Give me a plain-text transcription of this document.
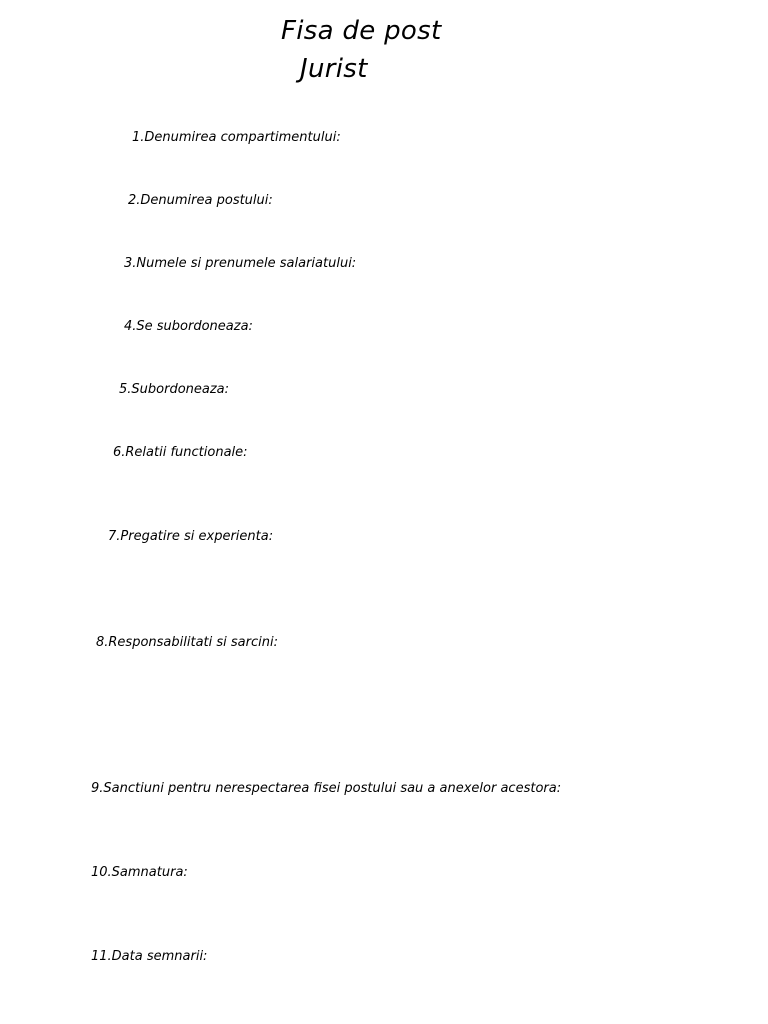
Fisa de post
Jurist
1.Denumirea compartimentului:
2.Denumirea postului:
3.Numele si prenumele salariatului:
4.Se subordoneaza:
5.Subordoneaza:
6.Relatii functionale:
7.Pregatire si experienta:
8.Responsabilitati si sarcini:
9.Sanctiuni pentru nerespectarea fisei postului sau a anexelor acestora:
10.Samnatura:
11.Data semnarii:
